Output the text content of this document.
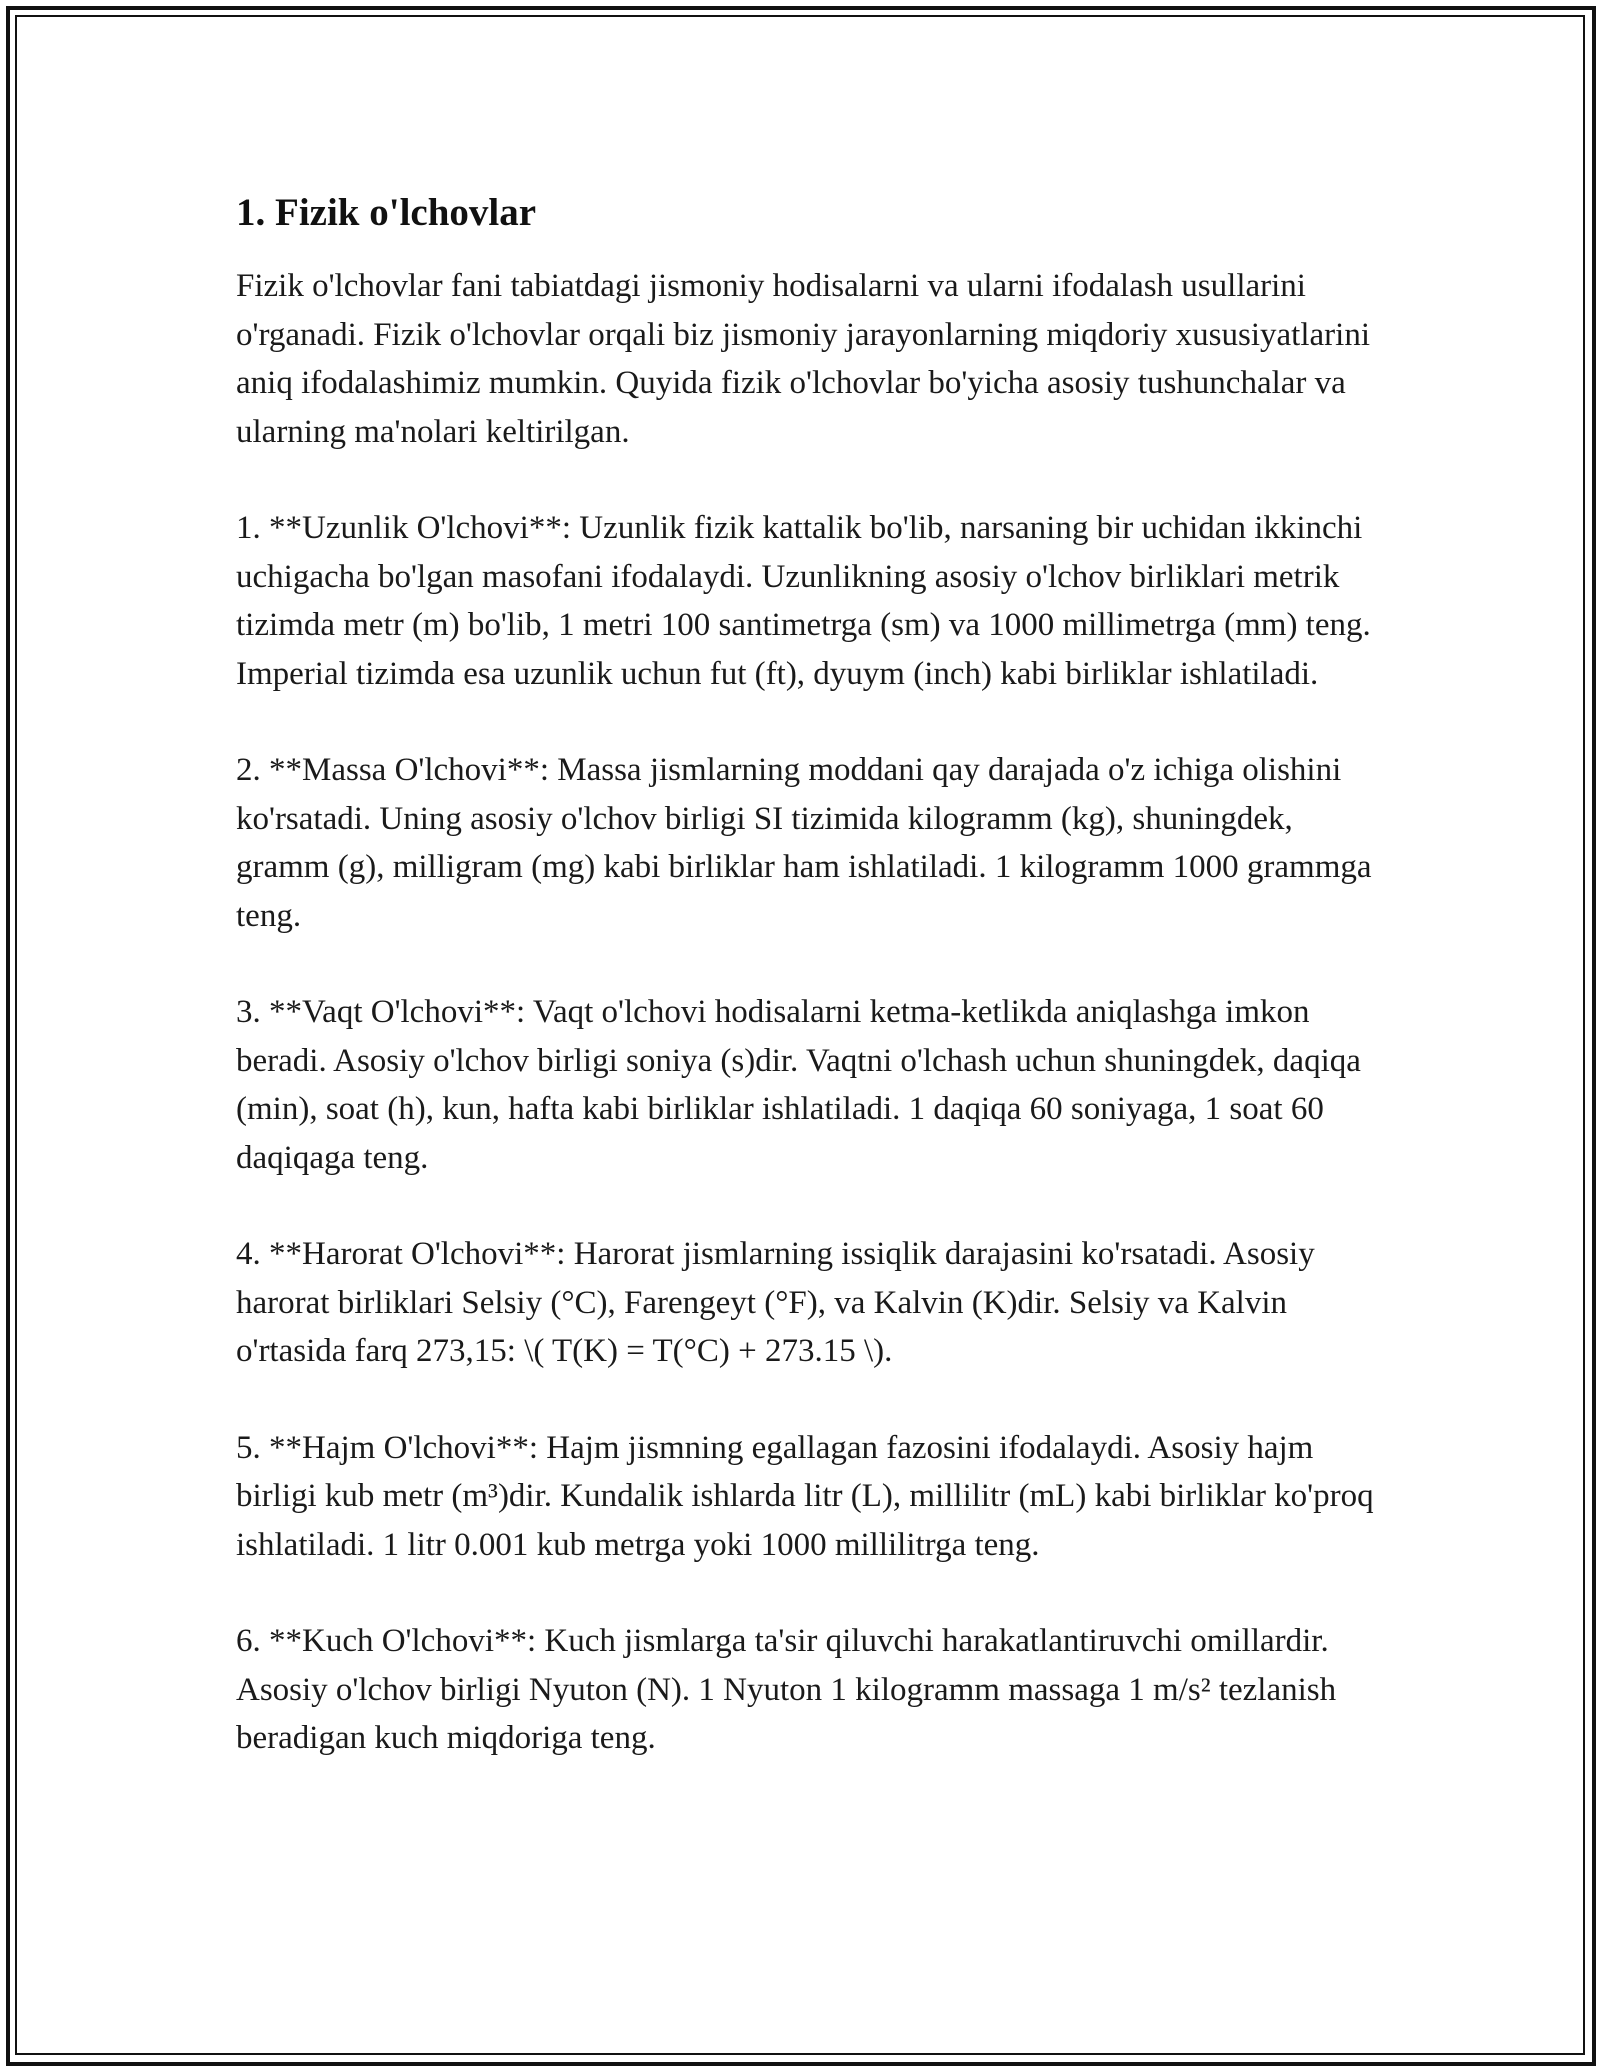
1. Fizik o'lchovlar

Fizik o'lchovlar fani tabiatdagi jismoniy hodisalarni va ularni ifodalash usullarini o'rganadi. Fizik o'lchovlar orqali biz jismoniy jarayonlarning miqdoriy xususiyatlarini aniq ifodalashimiz mumkin. Quyida fizik o'lchovlar bo'yicha asosiy tushunchalar va ularning ma'nolari keltirilgan.

1. **Uzunlik O'lchovi**: Uzunlik fizik kattalik bo'lib, narsaning bir uchidan ikkinchi uchigacha bo'lgan masofani ifodalaydi. Uzunlikning asosiy o'lchov birliklari metrik tizimda metr (m) bo'lib, 1 metri 100 santimetrga (sm) va 1000 millimetrga (mm) teng. Imperial tizimda esa uzunlik uchun fut (ft), dyuym (inch) kabi birliklar ishlatiladi.

2. **Massa O'lchovi**: Massa jismlarning moddani qay darajada o'z ichiga olishini ko'rsatadi. Uning asosiy o'lchov birligi SI tizimida kilogramm (kg), shuningdek, gramm (g), milligram (mg) kabi birliklar ham ishlatiladi. 1 kilogramm 1000 grammga teng.

3. **Vaqt O'lchovi**: Vaqt o'lchovi hodisalarni ketma-ketlikda aniqlashga imkon beradi. Asosiy o'lchov birligi soniya (s)dir. Vaqtni o'lchash uchun shuningdek, daqiqa (min), soat (h), kun, hafta kabi birliklar ishlatiladi. 1 daqiqa 60 soniyaga, 1 soat 60 daqiqaga teng.

4. **Harorat O'lchovi**: Harorat jismlarning issiqlik darajasini ko'rsatadi. Asosiy harorat birliklari Selsiy (°C), Farengeyt (°F), va Kalvin (K)dir. Selsiy va Kalvin o'rtasida farq 273,15: \( T(K) = T(°C) + 273.15 \).

5. **Hajm O'lchovi**: Hajm jismning egallagan fazosini ifodalaydi. Asosiy hajm birligi kub metr (m³)dir. Kundalik ishlarda litr (L), millilitr (mL) kabi birliklar ko'proq ishlatiladi. 1 litr 0.001 kub metrga yoki 1000 millilitrga teng.

6. **Kuch O'lchovi**: Kuch jismlarga ta'sir qiluvchi harakatlantiruvchi omillardir. Asosiy o'lchov birligi Nyuton (N). 1 Nyuton 1 kilogramm massaga 1 m/s² tezlanish beradigan kuch miqdoriga teng.
